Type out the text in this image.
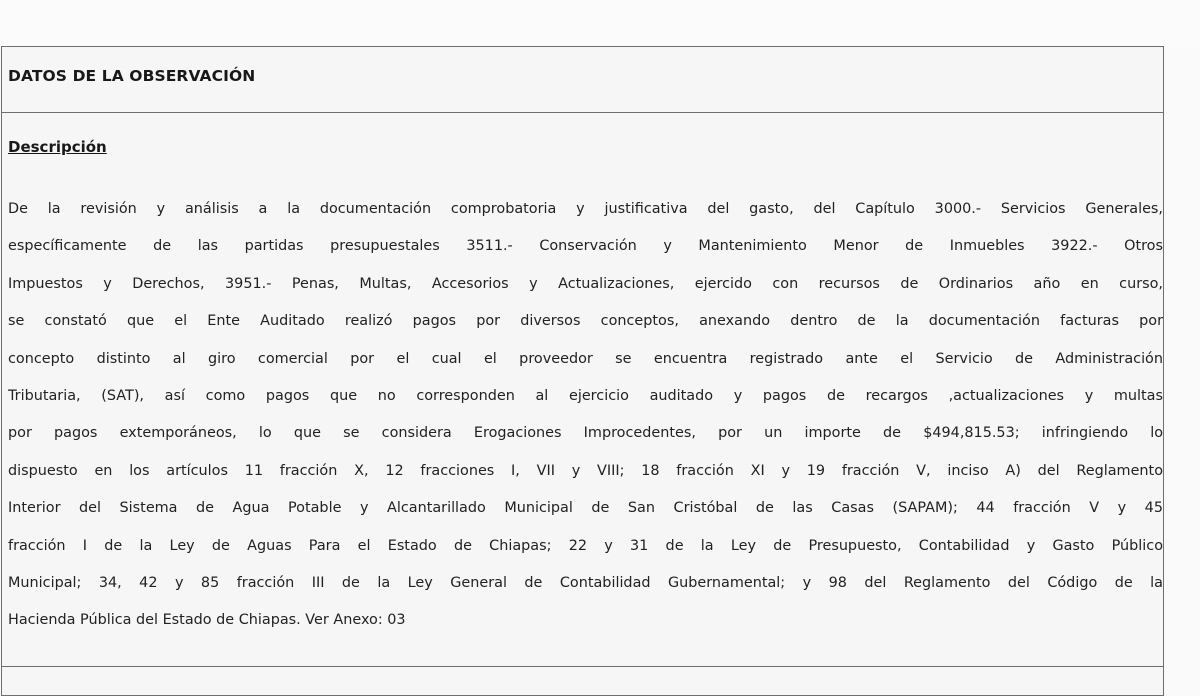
DATOS DE LA OBSERVACIÓN
Descripción
De la revisión y análisis a la documentación comprobatoria y justificativa del gasto, del Capítulo 3000.- Servicios Generales,
específicamente de las partidas presupuestales 3511.- Conservación y Mantenimiento Menor de Inmuebles 3922.- Otros
Impuestos y Derechos, 3951.- Penas, Multas, Accesorios y Actualizaciones, ejercido con recursos de Ordinarios año en curso,
se constató que el Ente Auditado realizó pagos por diversos conceptos, anexando dentro de la documentación facturas por
concepto distinto al giro comercial por el cual el proveedor se encuentra registrado ante el Servicio de Administración
Tributaria, (SAT), así como pagos que no corresponden al ejercicio auditado y pagos de recargos ,actualizaciones y multas
por pagos extemporáneos, lo que se considera Erogaciones Improcedentes, por un importe de $494,815.53; infringiendo lo
dispuesto en los artículos 11 fracción X, 12 fracciones I, VII y VIII; 18 fracción XI y 19 fracción V, inciso A) del Reglamento
Interior del Sistema de Agua Potable y Alcantarillado Municipal de San Cristóbal de las Casas (SAPAM); 44 fracción V y 45
fracción I de la Ley de Aguas Para el Estado de Chiapas; 22 y 31 de la Ley de Presupuesto, Contabilidad y Gasto Público
Municipal; 34, 42 y 85 fracción III de la Ley General de Contabilidad Gubernamental; y 98 del Reglamento del Código de la
Hacienda Pública del Estado de Chiapas. Ver Anexo: 03
